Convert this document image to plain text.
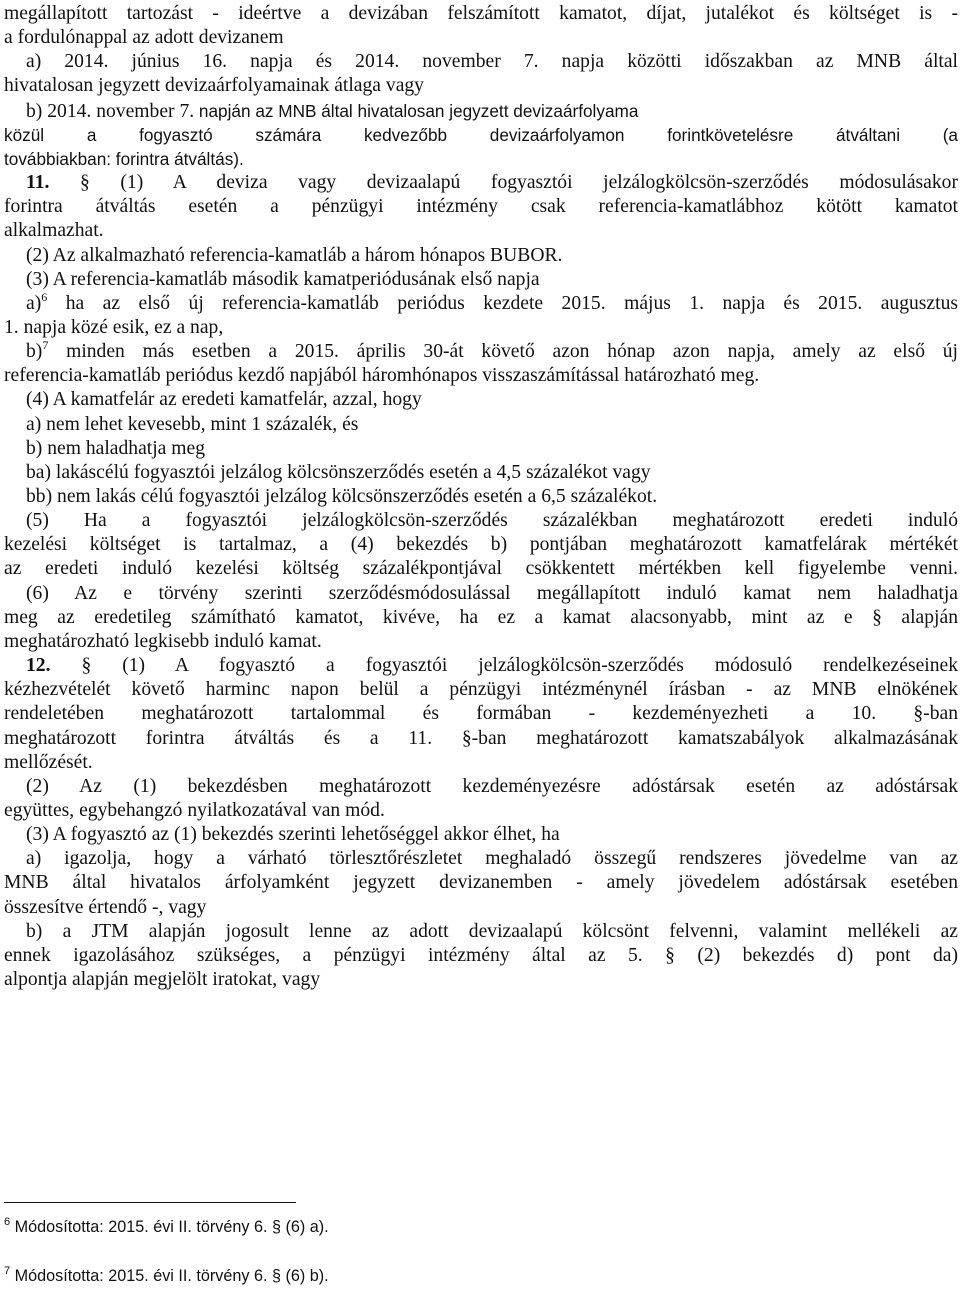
megállapított tartozást - ideértve a devizában felszámított kamatot, díjat, jutalékot és költséget is -
a fordulónappal az adott devizanem
a) 2014. június 16. napja és 2014. november 7. napja közötti időszakban az MNB által
hivatalosan jegyzett devizaárfolyamainak átlaga vagy
b) 2014. november 7. napján az MNB által hivatalosan jegyzett devizaárfolyama
közül a fogyasztó számára kedvezőbb devizaárfolyamon forintkövetelésre átváltani (a
továbbiakban: forintra átváltás).
11. § (1) A deviza vagy devizaalapú fogyasztói jelzálogkölcsön-szerződés módosulásakor
forintra átváltás esetén a pénzügyi intézmény csak referencia-kamatlábhoz kötött kamatot
alkalmazhat.
(2) Az alkalmazható referencia-kamatláb a három hónapos BUBOR.
(3) A referencia-kamatláb második kamatperiódusának első napja
a)$^6$ ha az első új referencia-kamatláb periódus kezdete 2015. május 1. napja és 2015. augusztus
1. napja közé esik, ez a nap,
b)$^7$ minden más esetben a 2015. április 30-át követő azon hónap azon napja, amely az első új
referencia-kamatláb periódus kezdő napjából háromhónapos visszaszámítással határozható meg.
(4) A kamatfelár az eredeti kamatfelár, azzal, hogy
a) nem lehet kevesebb, mint 1 százalék, és
b) nem haladhatja meg
ba) lakáscélú fogyasztói jelzálog kölcsönszerződés esetén a 4,5 százalékot vagy
bb) nem lakás célú fogyasztói jelzálog kölcsönszerződés esetén a 6,5 százalékot.
(5) Ha a fogyasztói jelzálogkölcsön-szerződés százalékban meghatározott eredeti induló
kezelési költséget is tartalmaz, a (4) bekezdés b) pontjában meghatározott kamatfelárak mértékét
az eredeti induló kezelési költség százalékpontjával csökkentett mértékben kell figyelembe venni.
(6) Az e törvény szerinti szerződésmódosulással megállapított induló kamat nem haladhatja
meg az eredetileg számítható kamatot, kivéve, ha ez a kamat alacsonyabb, mint az e § alapján
meghatározható legkisebb induló kamat.
12. § (1) A fogyasztó a fogyasztói jelzálogkölcsön-szerződés módosuló rendelkezéseinek
kézhezvételét követő harminc napon belül a pénzügyi intézménynél írásban - az MNB elnökének
rendeletében meghatározott tartalommal és formában - kezdeményezheti a 10. §-ban
meghatározott forintra átváltás és a 11. §-ban meghatározott kamatszabályok alkalmazásának
mellőzését.
(2) Az (1) bekezdésben meghatározott kezdeményezésre adóstársak esetén az adóstársak
együttes, egybehangzó nyilatkozatával van mód.
(3) A fogyasztó az (1) bekezdés szerinti lehetőséggel akkor élhet, ha
a) igazolja, hogy a várható törlesztőrészletet meghaladó összegű rendszeres jövedelme van az
MNB által hivatalos árfolyamként jegyzett devizanemben - amely jövedelem adóstársak esetében
összesítve értendő -, vagy
b) a JTM alapján jogosult lenne az adott devizaalapú kölcsönt felvenni, valamint mellékeli az
ennek igazolásához szükséges, a pénzügyi intézmény által az 5. § (2) bekezdés d) pont da)
alpontja alapján megjelölt iratokat, vagy
$^6$ Módosította: 2015. évi II. törvény 6. § (6) a).
$^7$ Módosította: 2015. évi II. törvény 6. § (6) b).
